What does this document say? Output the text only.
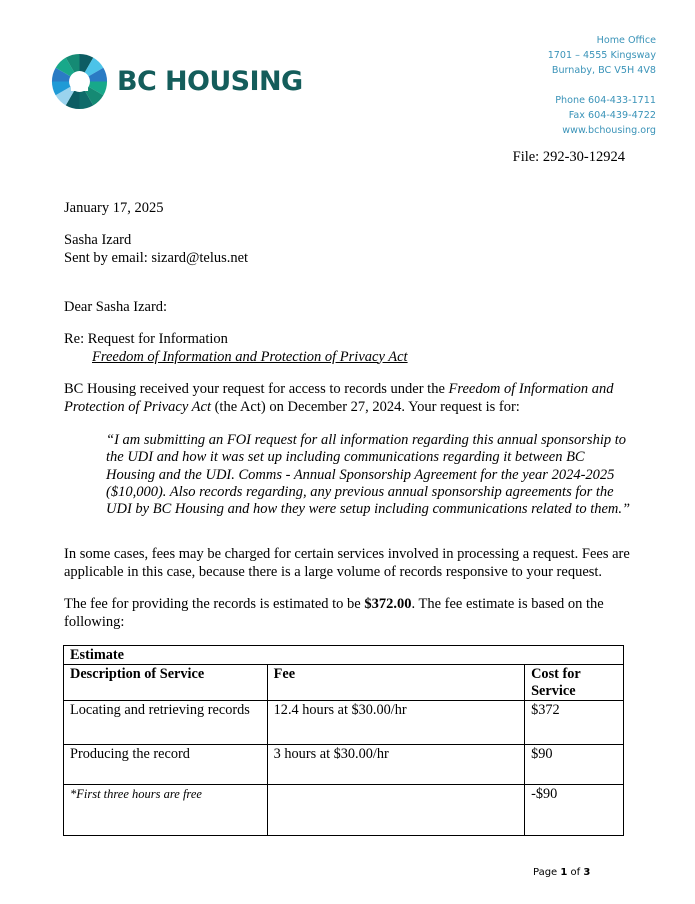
BC HOUSING
Home Office
1701 – 4555 Kingsway
Burnaby, BC V5H 4V8
Phone 604-433-1711
Fax 604-439-4722
www.bchousing.org
File: 292-30-12924
January 17, 2025
Sasha Izard
Sent by email: sizard@telus.net
Dear Sasha Izard:
Re: Request for Information
Freedom of Information and Protection of Privacy Act
BC Housing received your request for access to records under the Freedom of Information and Protection of Privacy Act (the Act) on December 27, 2024. Your request is for:
“I am submitting an FOI request for all information regarding this annual sponsorship to the UDI and how it was set up including communications regarding it between BC Housing and the UDI. Comms - Annual Sponsorship Agreement for the year 2024-2025 ($10,000). Also records regarding, any previous annual sponsorship agreements for the UDI by BC Housing and how they were setup including communications related to them.”
In some cases, fees may be charged for certain services involved in processing a request. Fees are applicable in this case, because there is a large volume of records responsive to your request.
The fee for providing the records is estimated to be $372.00. The fee estimate is based on the following:
Estimate		
Description of Service	Fee	Cost for Service
Locating and retrieving records	12.4 hours at $30.00/hr	$372
Producing the record	3 hours at $30.00/hr	$90
*First three hours are free		-$90
Page 1 of 3
